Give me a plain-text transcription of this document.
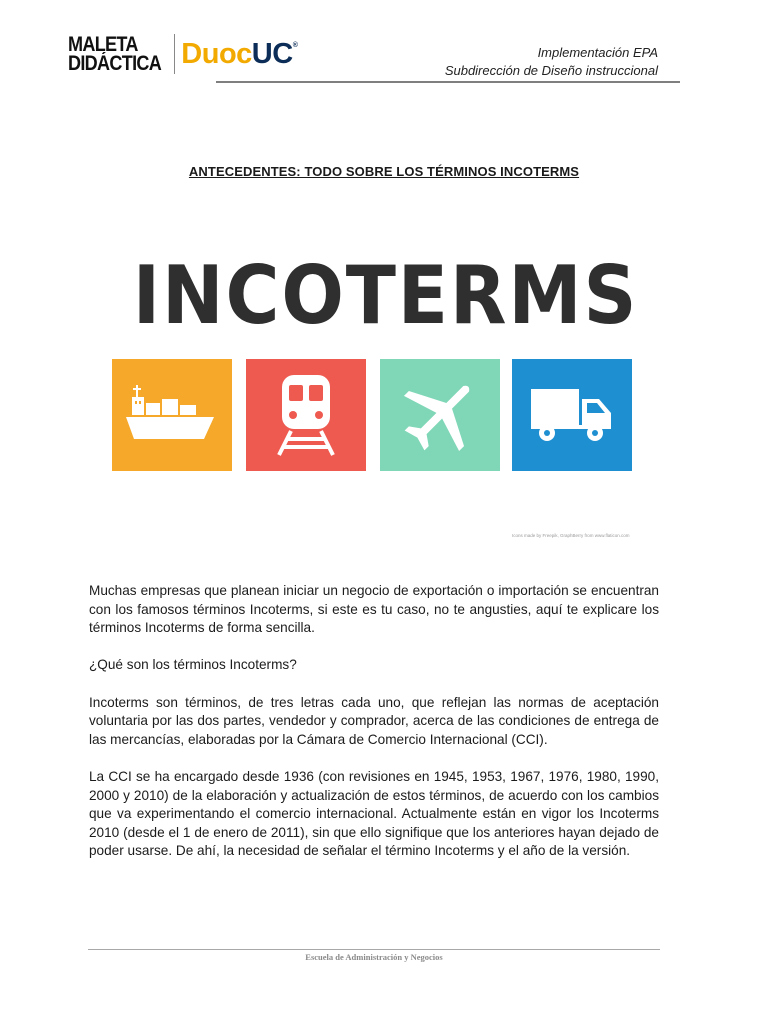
MALETA
DIDÁCTICA DuocUC®	Implementación EPA
Subdirección de Diseño instruccional
ANTECEDENTES: TODO SOBRE LOS TÉRMINOS INCOTERMS
INCOTERMS
Icons made by Freepik, GraphBerry from www.flaticon.com

Muchas empresas que planean iniciar un negocio de exportación o importación se encuentran con los famosos términos Incoterms, si este es tu caso, no te angusties, aquí te explicare los términos Incoterms de forma sencilla.

¿Qué son los términos Incoterms?

Incoterms son términos, de tres letras cada uno, que reflejan las normas de aceptación voluntaria por las dos partes, vendedor y comprador, acerca de las condiciones de entrega de las mercancías, elaboradas por la Cámara de Comercio Internacional (CCI).

La CCI se ha encargado desde 1936 (con revisiones en 1945, 1953, 1967, 1976, 1980, 1990, 2000 y 2010) de la elaboración y actualización de estos términos, de acuerdo con los cambios que va experimentando el comercio internacional. Actualmente están en vigor los Incoterms 2010 (desde el 1 de enero de 2011), sin que ello signifique que los anteriores hayan dejado de poder usarse. De ahí, la necesidad de señalar el término Incoterms y el año de la versión.

Escuela de Administración y Negocios
